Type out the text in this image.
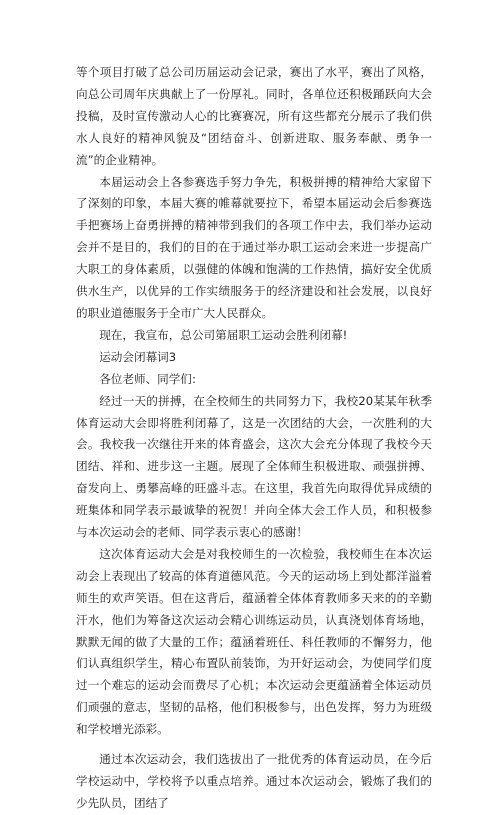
等个项目打破了总公司历届运动会记录，赛出了水平，赛出了风格，向总公司周年庆典献上了一份厚礼。同时，各单位还积极踊跃向大会投稿，及时宣传激动人心的比赛赛况，所有这些都充分展示了我们供水人良好的精神风貌及“团结奋斗、创新进取、服务奉献、勇争一流”的企业精神。

本届运动会上各参赛选手努力争先，积极拼搏的精神给大家留下了深刻的印象，本届大赛的帷幕就要拉下，希望本届运动会后参赛选手把赛场上奋勇拼搏的精神带到我们的各项工作中去，我们举办运动会并不是目的，我们的目的在于通过举办职工运动会来进一步提高广大职工的身体素质，以强健的体魄和饱满的工作热情，搞好安全优质供水生产，以优异的工作实绩服务于的经济建设和社会发展，以良好的职业道德服务于全市广大人民群众。

现在，我宣布，总公司第届职工运动会胜利闭幕!

运动会闭幕词3

各位老师、同学们:

经过一天的拼搏，在全校师生的共同努力下，我校20某某年秋季体育运动大会即将胜利闭幕了，这是一次团结的大会，一次胜利的大会。我校我一次继往开来的体育盛会，这次大会充分体现了我校今天团结、祥和、进步这一主题。展现了全体师生积极进取、顽强拼搏、奋发向上、勇攀高峰的旺盛斗志。在这里，我首先向取得优异成绩的班集体和同学表示最诚挚的祝贺！并向全体大会工作人员，和积极参与本次运动会的老师、同学表示衷心的感谢！

这次体育运动大会是对我校师生的一次检验，我校师生在本次运动会上表现出了较高的体育道德风范。今天的运动场上到处都洋溢着师生的欢声笑语。但在这背后，蕴涵着全体体育教师多天来的的辛勤汗水，他们为筹备这次运动会精心训练运动员，认真浇划体育场地，默默无闻的做了大量的工作；蕴涵着班任、科任教师的不懈努力，他们认真组织学生，精心布置队前装饰，为开好运动会，为使同学们度过一个难忘的运动会而费尽了心机；本次运动会更蕴涵着全体运动员们顽强的意志，坚韧的品格，他们积极参与，出色发挥，努力为班级和学校增光添彩。

通过本次运动会，我们选拔出了一批优秀的体育运动员，在今后学校运动中，学校将予以重点培养。通过本次运动会，锻炼了我们的少先队员，团结了
